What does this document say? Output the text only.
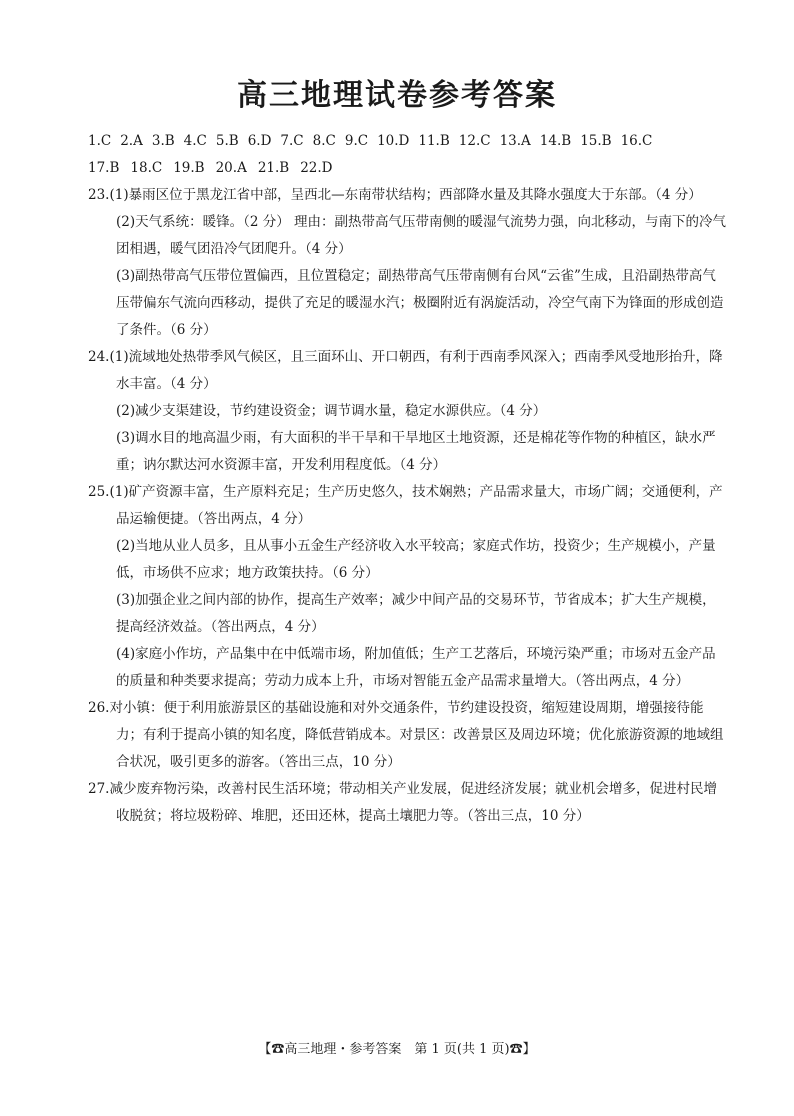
高三地理试卷参考答案
1.C 2.A 3.B 4.C 5.B 6.D 7.C 8.C 9.C 10.D 11.B 12.C 13.A 14.B 15.B 16.C
17.B 18.C 19.B 20.A 21.B 22.D
23.(1)暴雨区位于黑龙江省中部，呈西北—东南带状结构；西部降水量及其降水强度大于东部。（4 分）
(2)天气系统：暖锋。（2 分） 理由：副热带高气压带南侧的暖湿气流势力强，向北移动，与南下的冷气团相遇，暖气团沿冷气团爬升。（4 分）
(3)副热带高气压带位置偏西，且位置稳定；副热带高气压带南侧有台风“云雀”生成，且沿副热带高气压带偏东气流向西移动，提供了充足的暖湿水汽；极圈附近有涡旋活动，冷空气南下为锋面的形成创造了条件。（6 分）
24.(1)流域地处热带季风气候区，且三面环山、开口朝西，有利于西南季风深入；西南季风受地形抬升，降水丰富。（4 分）
(2)减少支渠建设，节约建设资金；调节调水量，稳定水源供应。（4 分）
(3)调水目的地高温少雨，有大面积的半干旱和干旱地区土地资源，还是棉花等作物的种植区，缺水严重；讷尔默达河水资源丰富，开发利用程度低。（4 分）
25.(1)矿产资源丰富，生产原料充足；生产历史悠久，技术娴熟；产品需求量大，市场广阔；交通便利，产品运输便捷。（答出两点，4 分）
(2)当地从业人员多，且从事小五金生产经济收入水平较高；家庭式作坊，投资少；生产规模小，产量低，市场供不应求；地方政策扶持。（6 分）
(3)加强企业之间内部的协作，提高生产效率；减少中间产品的交易环节，节省成本；扩大生产规模，提高经济效益。（答出两点，4 分）
(4)家庭小作坊，产品集中在中低端市场，附加值低；生产工艺落后，环境污染严重；市场对五金产品的质量和种类要求提高；劳动力成本上升，市场对智能五金产品需求量增大。（答出两点，4 分）
26.对小镇：便于利用旅游景区的基础设施和对外交通条件，节约建设投资，缩短建设周期，增强接待能力；有利于提高小镇的知名度，降低营销成本。对景区：改善景区及周边环境；优化旅游资源的地域组合状况，吸引更多的游客。（答出三点，10 分）
27.减少废弃物污染，改善村民生活环境；带动相关产业发展，促进经济发展；就业机会增多，促进村民增收脱贫；将垃圾粉碎、堆肥，还田还林，提高土壤肥力等。（答出三点，10 分）
【☎高三地理・参考答案　第 1 页(共 1 页)☎】
